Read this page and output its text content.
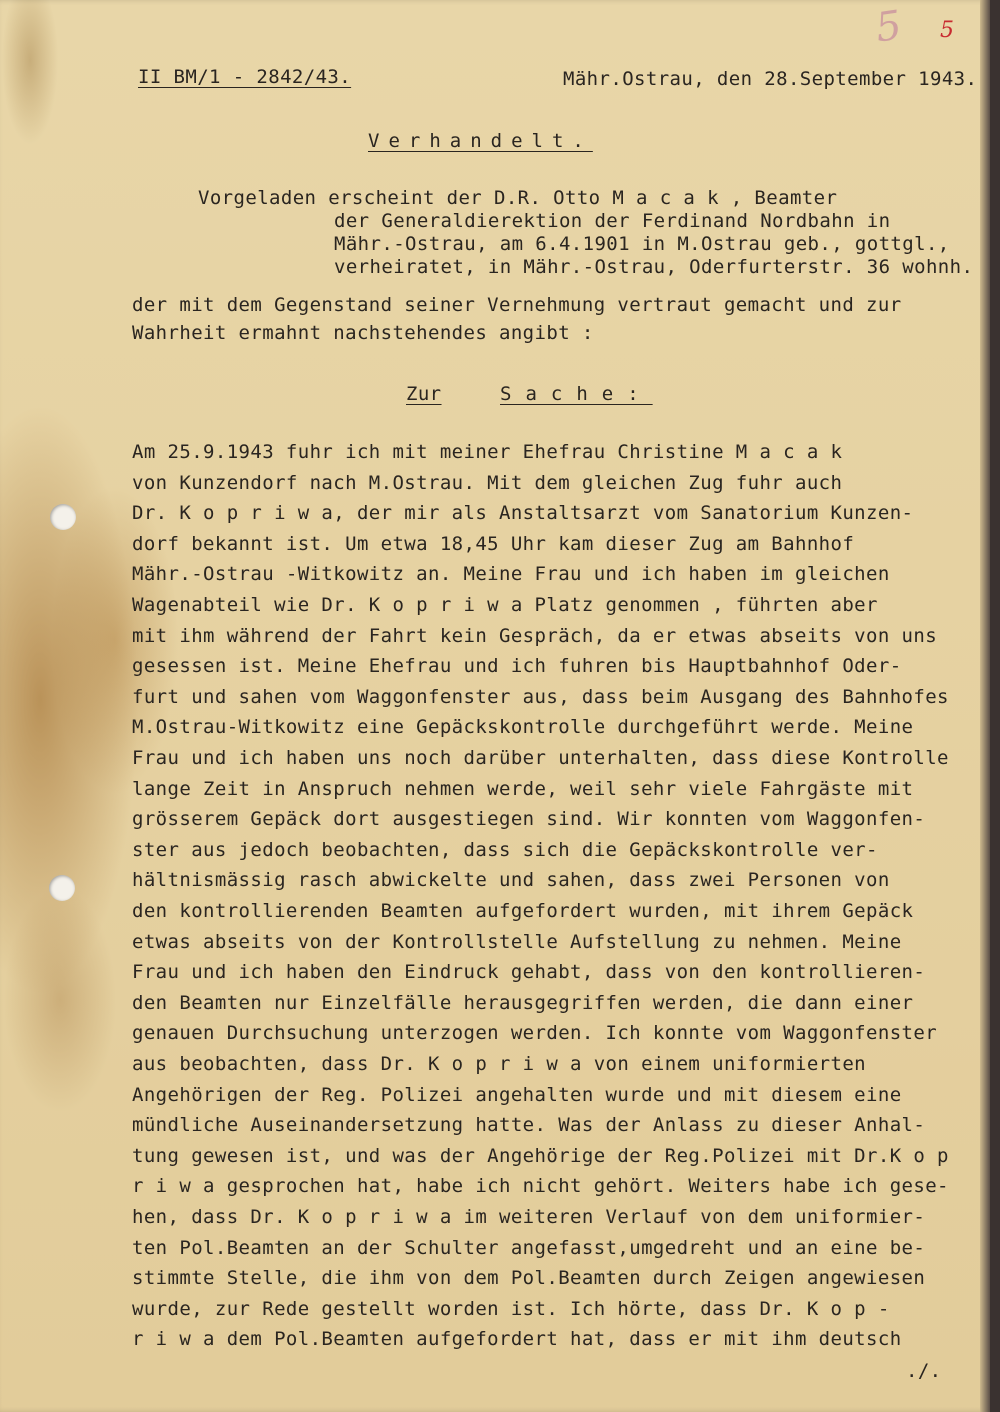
5 5
II BM/1 - 2842/43.	Mähr.Ostrau, den 28.September 1943.
Verhandelt.
Vorgeladen erscheint der D.R. Otto M a c a k , Beamter
der Generaldierektion der Ferdinand Nordbahn in
Mähr.-Ostrau, am 6.4.1901 in M.Ostrau geb., gottgl.,
verheiratet, in Mähr.-Ostrau, Oderfurterstr. 36 wohnh.
der mit dem Gegenstand seiner Vernehmung vertraut gemacht und zur
Wahrheit ermahnt nachstehendes angibt :
Zur	Sache:
Am 25.9.1943 fuhr ich mit meiner Ehefrau Christine M a c a k
von Kunzendorf nach M.Ostrau. Mit dem gleichen Zug fuhr auch
Dr. K o p r i w a, der mir als Anstaltsarzt vom Sanatorium Kunzen-
dorf bekannt ist. Um etwa 18,45 Uhr kam dieser Zug am Bahnhof
Mähr.-Ostrau -Witkowitz an. Meine Frau und ich haben im gleichen
Wagenabteil wie Dr. K o p r i w a Platz genommen , führten aber
mit ihm während der Fahrt kein Gespräch, da er etwas abseits von uns
gesessen ist. Meine Ehefrau und ich fuhren bis Hauptbahnhof Oder-
furt und sahen vom Waggonfenster aus, dass beim Ausgang des Bahnhofes
M.Ostrau-Witkowitz eine Gepäckskontrolle durchgeführt werde. Meine
Frau und ich haben uns noch darüber unterhalten, dass diese Kontrolle
lange Zeit in Anspruch nehmen werde, weil sehr viele Fahrgäste mit
grösserem Gepäck dort ausgestiegen sind. Wir konnten vom Waggonfen-
ster aus jedoch beobachten, dass sich die Gepäckskontrolle ver-
hältnismässig rasch abwickelte und sahen, dass zwei Personen von
den kontrollierenden Beamten aufgefordert wurden, mit ihrem Gepäck
etwas abseits von der Kontrollstelle Aufstellung zu nehmen. Meine
Frau und ich haben den Eindruck gehabt, dass von den kontrollieren-
den Beamten nur Einzelfälle herausgegriffen werden, die dann einer
genauen Durchsuchung unterzogen werden. Ich konnte vom Waggonfenster
aus beobachten, dass Dr. K o p r i w a von einem uniformierten
Angehörigen der Reg. Polizei angehalten wurde und mit diesem eine
mündliche Auseinandersetzung hatte. Was der Anlass zu dieser Anhal-
tung gewesen ist, und was der Angehörige der Reg.Polizei mit Dr.K o p
r i w a gesprochen hat, habe ich nicht gehört. Weiters habe ich gese-
hen, dass Dr. K o p r i w a im weiteren Verlauf von dem uniformier-
ten Pol.Beamten an der Schulter angefasst,umgedreht und an eine be-
stimmte Stelle, die ihm von dem Pol.Beamten durch Zeigen angewiesen
wurde, zur Rede gestellt worden ist. Ich hörte, dass Dr. K o p -
r i w a dem Pol.Beamten aufgefordert hat, dass er mit ihm deutsch
./.
